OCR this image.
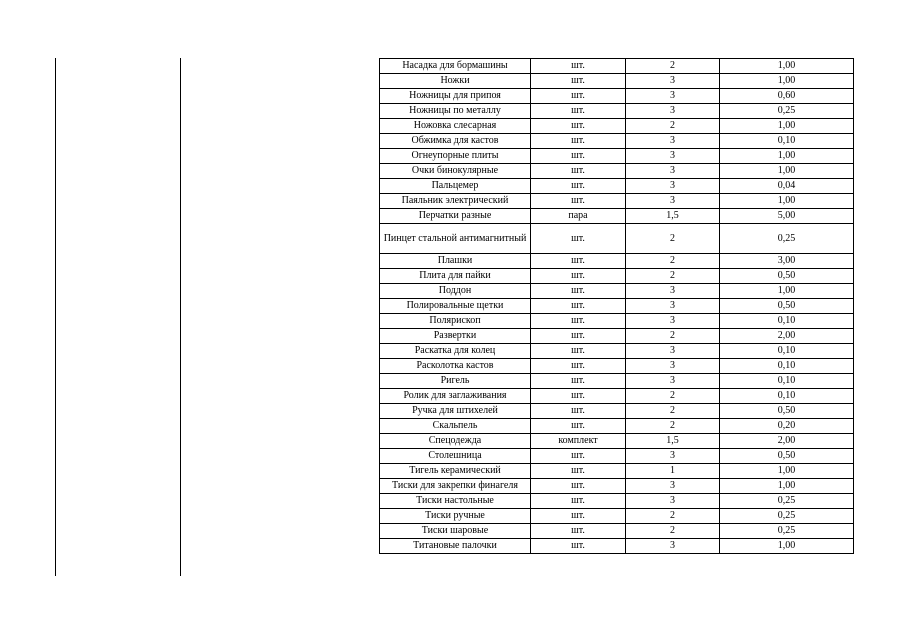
Насадка для бормашины	шт.	2	1,00
Ножки	шт.	3	1,00
Ножницы для припоя	шт.	3	0,60
Ножницы по металлу	шт.	3	0,25
Ножовка слесарная	шт.	2	1,00
Обжимка для кастов	шт.	3	0,10
Огнеупорные плиты	шт.	3	1,00
Очки бинокулярные	шт.	3	1,00
Пальцемер	шт.	3	0,04
Паяльник электрический	шт.	3	1,00
Перчатки разные	пара	1,5	5,00
Пинцет стальной антимагнитный	шт.	2	0,25
Плашки	шт.	2	3,00
Плита для пайки	шт.	2	0,50
Поддон	шт.	3	1,00
Полировальные щетки	шт.	3	0,50
Полярископ	шт.	3	0,10
Развертки	шт.	2	2,00
Раскатка для колец	шт.	3	0,10
Расколотка кастов	шт.	3	0,10
Ригель	шт.	3	0,10
Ролик для заглаживания	шт.	2	0,10
Ручка для штихелей	шт.	2	0,50
Скальпель	шт.	2	0,20
Спецодежда	комплект	1,5	2,00
Столешница	шт.	3	0,50
Тигель керамический	шт.	1	1,00
Тиски для закрепки финагеля	шт.	3	1,00
Тиски настольные	шт.	3	0,25
Тиски ручные	шт.	2	0,25
Тиски шаровые	шт.	2	0,25
Титановые палочки	шт.	3	1,00
